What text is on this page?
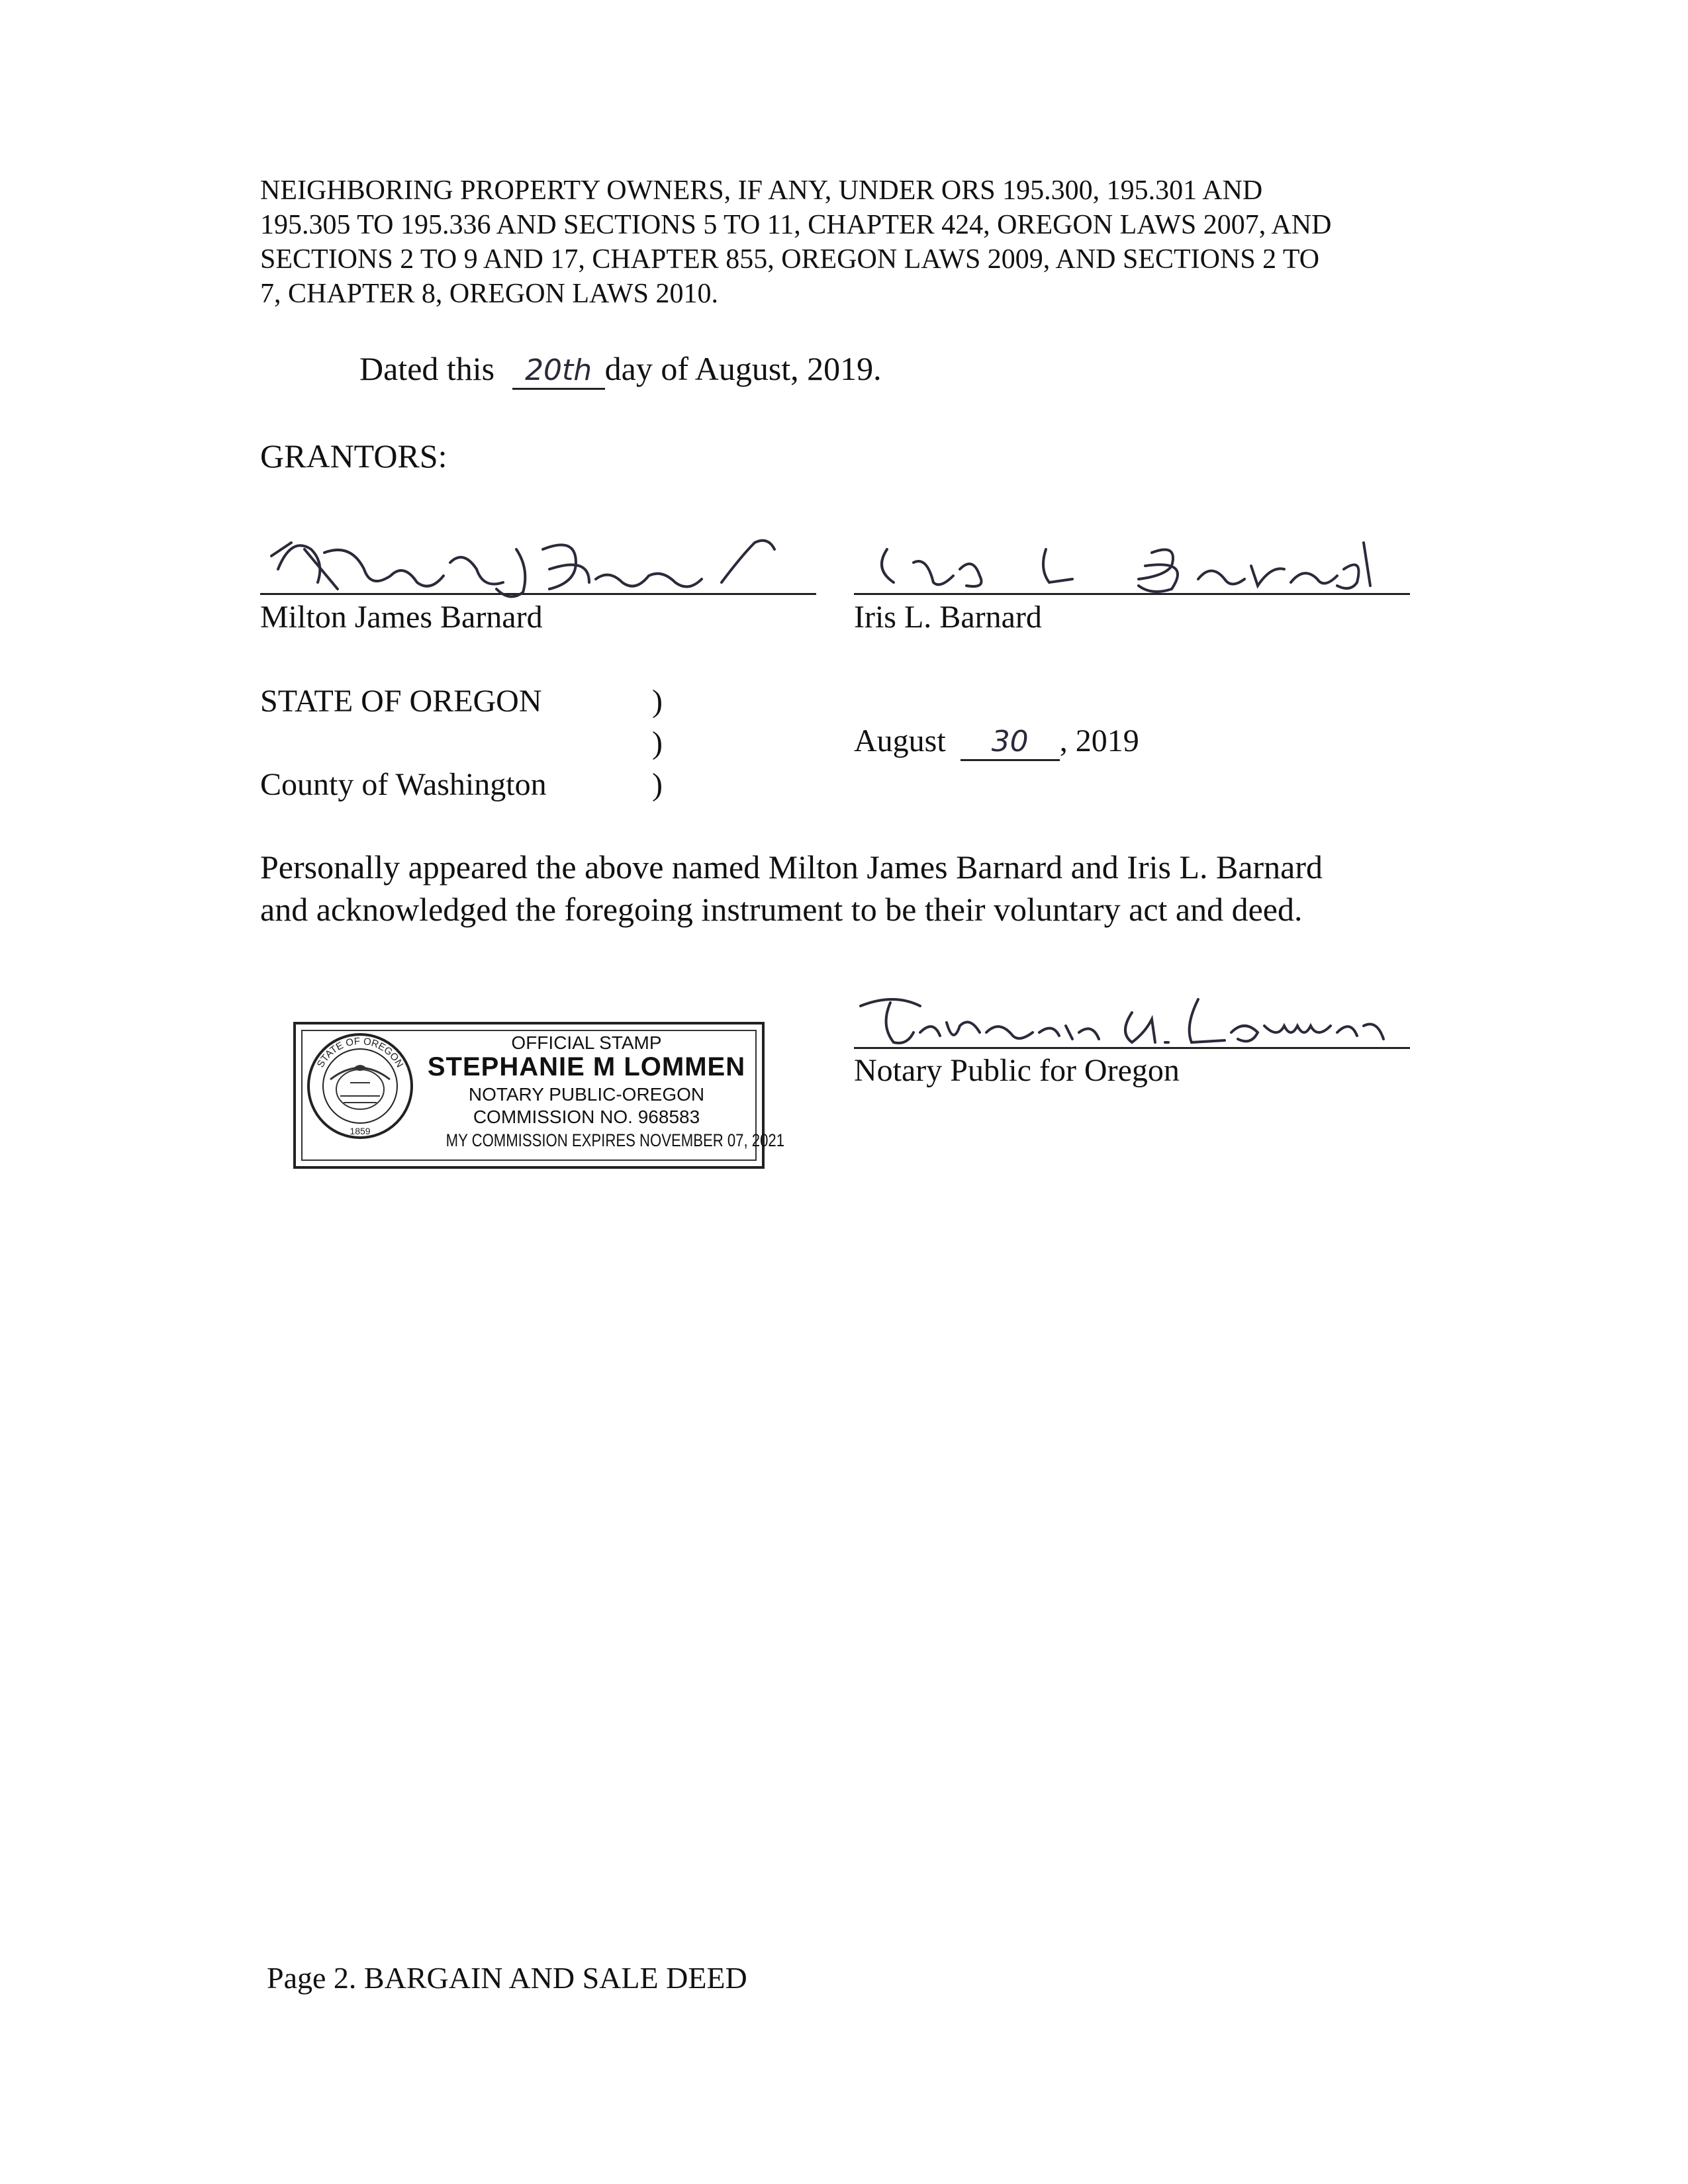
NEIGHBORING PROPERTY OWNERS, IF ANY, UNDER ORS 195.300, 195.301 AND
195.305 TO 195.336 AND SECTIONS 5 TO 11, CHAPTER 424, OREGON LAWS 2007, AND
SECTIONS 2 TO 9 AND 17, CHAPTER 855, OREGON LAWS 2009, AND SECTIONS 2 TO
7, CHAPTER 8, OREGON LAWS 2010.
Dated this 20th day of August, 2019.
GRANTORS:
Milton James Barnard	Iris L. Barnard
STATE OF OREGON	)
)
)
County of Washington
August 30 , 2019
Personally appeared the above named Milton James Barnard and Iris L. Barnard
and acknowledged the foregoing instrument to be their voluntary act and deed.
STATE OF OREGON
1859
OFFICIAL STAMP
STEPHANIE M LOMMEN
NOTARY PUBLIC-OREGON
COMMISSION NO. 968583
MY COMMISSION EXPIRES NOVEMBER 07, 2021
Notary Public for Oregon
Page 2. BARGAIN AND SALE DEED
